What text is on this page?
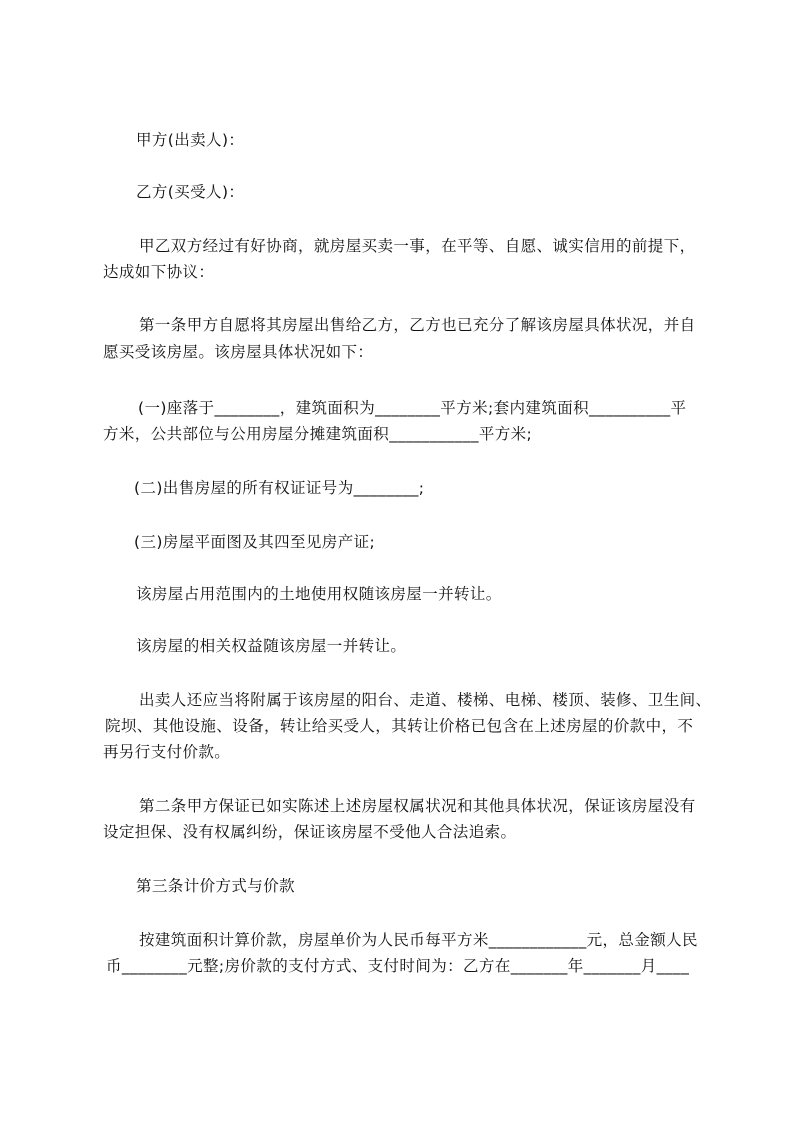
甲方(出卖人)：
乙方(买受人)：
甲乙双方经过有好协商，就房屋买卖一事，在平等、自愿、诚实信用的前提下，
达成如下协议：
第一条甲方自愿将其房屋出售给乙方，乙方也已充分了解该房屋具体状况，并自
愿买受该房屋。该房屋具体状况如下：
(一)座落于________，建筑面积为________平方米;套内建筑面积__________平
方米，公共部位与公用房屋分摊建筑面积___________平方米;
(二)出售房屋的所有权证证号为________;
(三)房屋平面图及其四至见房产证;
该房屋占用范围内的土地使用权随该房屋一并转让。
该房屋的相关权益随该房屋一并转让。
出卖人还应当将附属于该房屋的阳台、走道、楼梯、电梯、楼顶、装修、卫生间、
院坝、其他设施、设备，转让给买受人，其转让价格已包含在上述房屋的价款中，不
再另行支付价款。
第二条甲方保证已如实陈述上述房屋权属状况和其他具体状况，保证该房屋没有
设定担保、没有权属纠纷，保证该房屋不受他人合法追索。
第三条计价方式与价款
按建筑面积计算价款，房屋单价为人民币每平方米____________元，总金额人民
币________元整;房价款的支付方式、支付时间为：乙方在_______年_______月____
